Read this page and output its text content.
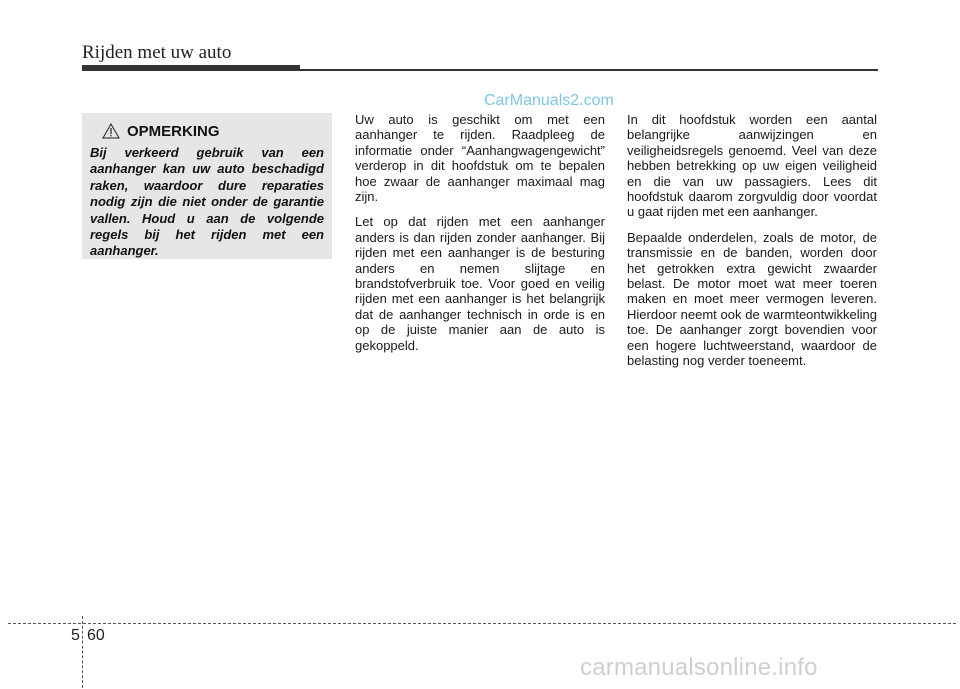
Rijden met uw auto
CarManuals2.com
OPMERKING
Bij verkeerd gebruik van een aanhanger kan uw auto beschadigd raken, waardoor dure reparaties nodig zijn die niet onder de garantie vallen. Houd u aan de volgende regels bij het rijden met een aanhanger.

Uw auto is geschikt om met een aanhanger te rijden. Raadpleeg de informatie onder “Aanhangwagengewicht” verderop in dit hoofdstuk om te bepalen hoe zwaar de aanhanger maximaal mag zijn.

Let op dat rijden met een aanhanger anders is dan rijden zonder aanhanger. Bij rijden met een aanhanger is de besturing anders en nemen slijtage en brandstofverbruik toe. Voor goed en veilig rijden met een aanhanger is het belangrijk dat de aanhanger technisch in orde is en op de juiste manier aan de auto is gekoppeld.

In dit hoofdstuk worden een aantal belangrijke aanwijzingen en veiligheidsregels genoemd. Veel van deze hebben betrekking op uw eigen veiligheid en die van uw passagiers. Lees dit hoofdstuk daarom zorgvuldig door voordat u gaat rijden met een aanhanger.

Bepaalde onderdelen, zoals de motor, de transmissie en de banden, worden door het getrokken extra gewicht zwaarder belast. De motor moet wat meer toeren maken en moet meer vermogen leveren. Hierdoor neemt ook de warmteontwikkeling toe. De aanhanger zorgt bovendien voor een hogere luchtweerstand, waardoor de belasting nog verder toeneemt.

5 60
carmanualsonline.info
